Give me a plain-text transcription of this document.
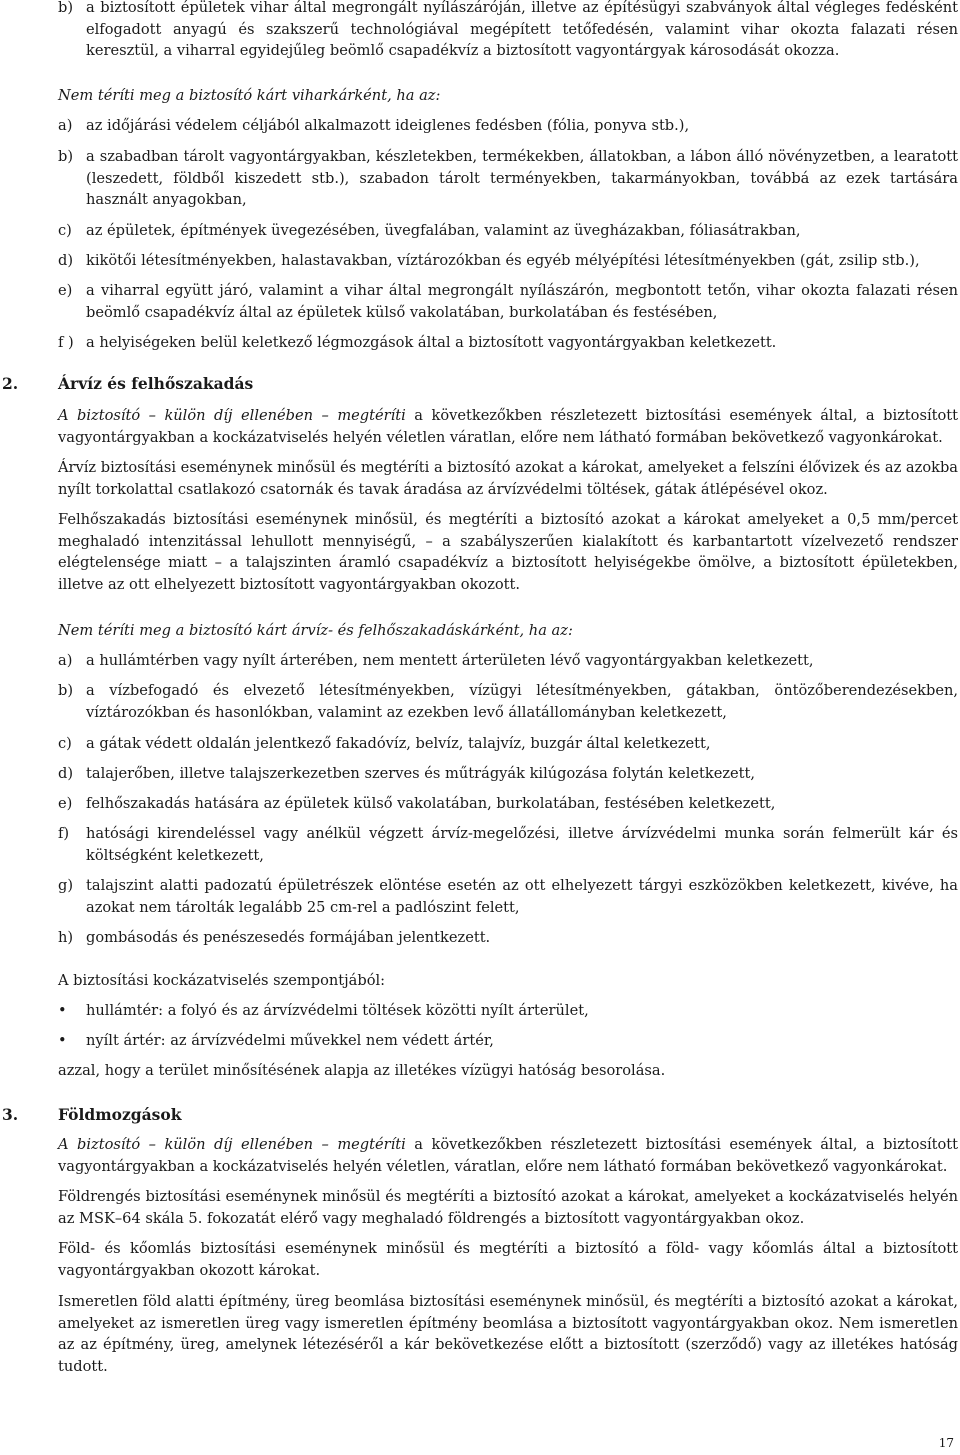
b) a biztosított épületek vihar által megrongált nyílászáróján, illetve az építésügyi szabványok által végleges fedésként elfogadott anyagú és szakszerű technológiával megépített tetőfedésén, valamint vihar okozta falazati résen keresztül, a viharral egyidejűleg beömlő csapadékvíz a biztosított vagyontárgyak károsodását okozza.
Nem téríti meg a biztosító kárt viharkárként, ha az:
a) az időjárási védelem céljából alkalmazott ideiglenes fedésben (fólia, ponyva stb.),
b) a szabadban tárolt vagyontárgyakban, készletekben, termékekben, állatokban, a lábon álló növényzetben, a learatott (leszedett, földből kiszedett stb.), szabadon tárolt terményekben, takarmányokban, továbbá az ezek tartására használt anyagokban,
c) az épületek, építmények üvegezésében, üvegfalában, valamint az üvegházakban, fóliasátrakban,
d) kikötői létesítményekben, halastavakban, víztározókban és egyéb mélyépítési létesítményekben (gát, zsilip stb.),
e) a viharral együtt járó, valamint a vihar által megrongált nyílászárón, megbontott tetőn, vihar okozta falazati résen beömlő csapadékvíz által az épületek külső vakolatában, burkolatában és festésében,
f ) a helyiségeken belül keletkező légmozgások által a biztosított vagyontárgyakban keletkezett.
2.	Árvíz és felhőszakadás
A biztosító – külön díj ellenében – megtéríti a következőkben részletezett biztosítási események által, a biztosított vagyontárgyakban a kockázatviselés helyén véletlen váratlan, előre nem látható formában bekövetkező vagyonkárokat.
Árvíz biztosítási eseménynek minősül és megtéríti a biztosító azokat a károkat, amelyeket a felszíni élővizek és az azokba nyílt torkolattal csatlakozó csatornák és tavak áradása az árvízvédelmi töltések, gátak átlépésével okoz.
Felhőszakadás biztosítási eseménynek minősül, és megtéríti a biztosító azokat a károkat amelyeket a 0,5 mm/percet meghaladó intenzitással lehullott mennyiségű, – a szabályszerűen kialakított és karbantartott vízelvezető rendszer elégtelensége miatt – a talajszinten áramló csapadékvíz a biztosított helyiségekbe ömölve, a biztosított épületekben, illetve az ott elhelyezett biztosított vagyontárgyakban okozott.
Nem téríti meg a biztosító kárt árvíz- és felhőszakadáskárként, ha az:
a) a hullámtérben vagy nyílt árterében, nem mentett árterületen lévő vagyontárgyakban keletkezett,
b) a vízbefogadó és elvezető létesítményekben, vízügyi létesítményekben, gátakban, öntözőberendezésekben, víztározókban és hasonlókban, valamint az ezekben levő állatállományban keletkezett,
c) a gátak védett oldalán jelentkező fakadóvíz, belvíz, talajvíz, buzgár által keletkezett,
d) talajerőben, illetve talajszerkezetben szerves és műtrágyák kilúgozása folytán keletkezett,
e) felhőszakadás hatására az épületek külső vakolatában, burkolatában, festésében keletkezett,
f) hatósági kirendeléssel vagy anélkül végzett árvíz-megelőzési, illetve árvízvédelmi munka során felmerült kár és költségként keletkezett,
g) talajszint alatti padozatú épületrészek elöntése esetén az ott elhelyezett tárgyi eszközökben keletkezett, kivéve, ha azokat nem tárolták legalább 25 cm-rel a padlószint felett,
h) gombásodás és penészesedés formájában jelentkezett.
A biztosítási kockázatviselés szempontjából:
• hullámtér: a folyó és az árvízvédelmi töltések közötti nyílt árterület,
• nyílt ártér: az árvízvédelmi művekkel nem védett ártér,
azzal, hogy a terület minősítésének alapja az illetékes vízügyi hatóság besorolása.
3.	Földmozgások
A biztosító – külön díj ellenében – megtéríti a következőkben részletezett biztosítási események által, a biztosított vagyontárgyakban a kockázatviselés helyén véletlen, váratlan, előre nem látható formában bekövetkező vagyonkárokat.
Földrengés biztosítási eseménynek minősül és megtéríti a biztosító azokat a károkat, amelyeket a kockázatviselés helyén az MSK–64 skála 5. fokozatát elérő vagy meghaladó földrengés a biztosított vagyontárgyakban okoz.
Föld- és kőomlás biztosítási eseménynek minősül és megtéríti a biztosító a föld- vagy kőomlás által a biztosított vagyontárgyakban okozott károkat.
Ismeretlen föld alatti építmény, üreg beomlása biztosítási eseménynek minősül, és megtéríti a biztosító azokat a károkat, amelyeket az ismeretlen üreg vagy ismeretlen építmény beomlása a biztosított vagyontárgyakban okoz. Nem ismeretlen az az építmény, üreg, amelynek létezéséről a kár bekövetkezése előtt a biztosított (szerződő) vagy az illetékes hatóság tudott.
17
